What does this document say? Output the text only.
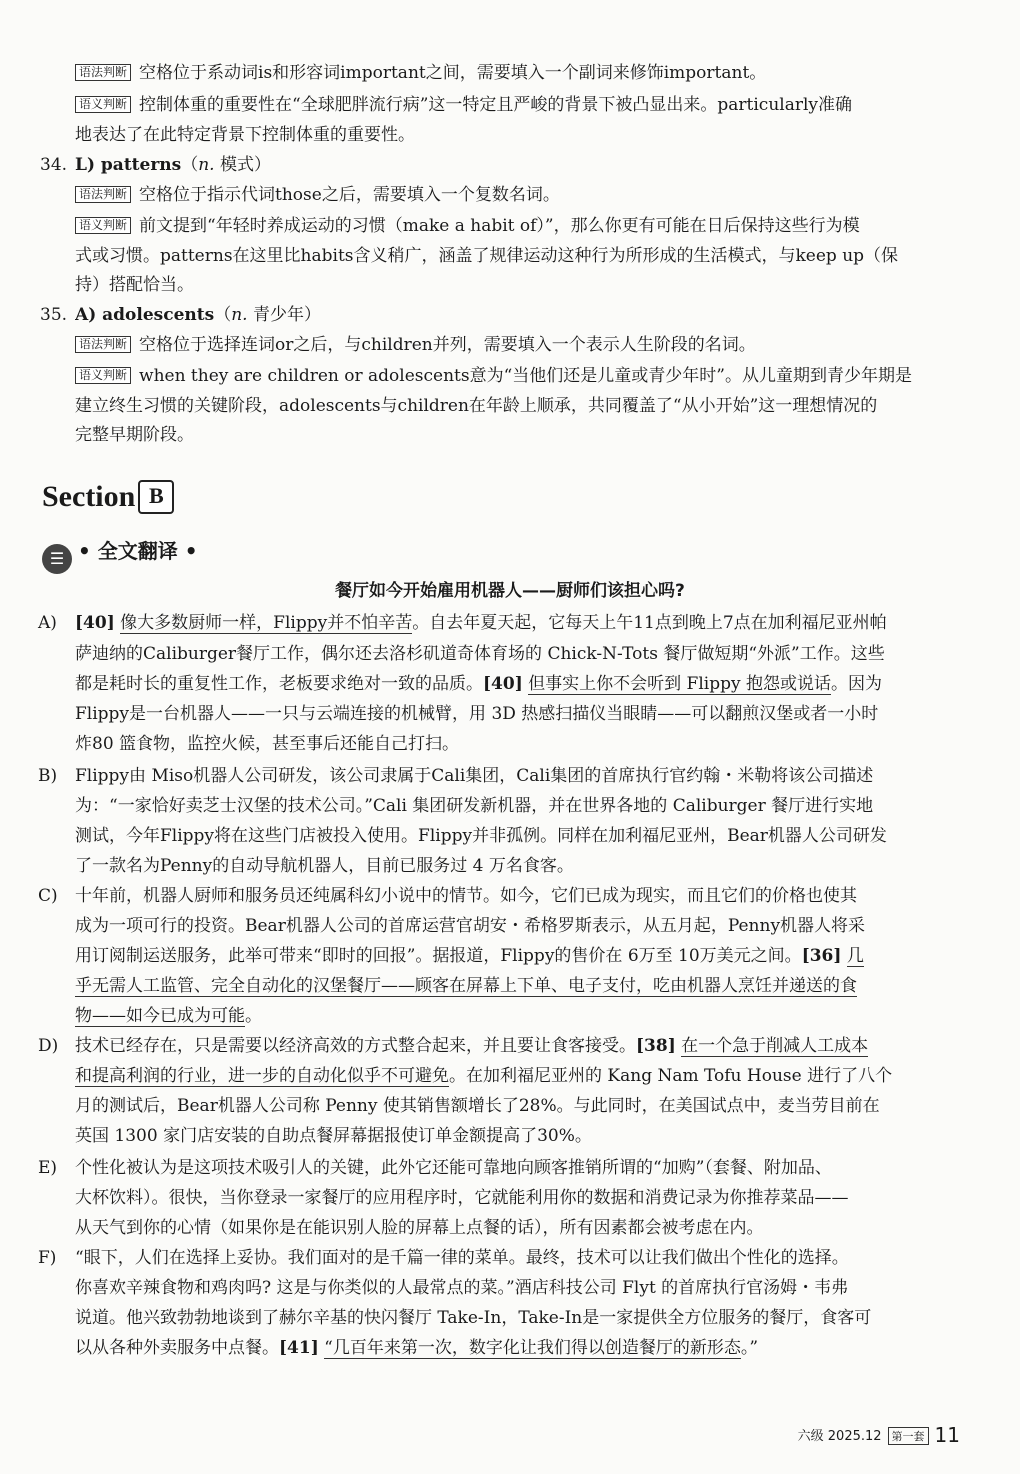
语法判断 空格位于系动词is和形容词important之间，需要填入一个副词来修饰important。
语义判断 控制体重的重要性在“全球肥胖流行病”这一特定且严峻的背景下被凸显出来。particularly准确
地表达了在此特定背景下控制体重的重要性。
34. L) patterns（n. 模式）
语法判断 空格位于指示代词those之后，需要填入一个复数名词。
语义判断 前文提到“年轻时养成运动的习惯（make a habit of）”，那么你更有可能在日后保持这些行为模
式或习惯。patterns在这里比habits含义稍广，涵盖了规律运动这种行为所形成的生活模式，与keep up（保
持）搭配恰当。
35. A) adolescents（n. 青少年）
语法判断 空格位于选择连词or之后，与children并列，需要填入一个表示人生阶段的名词。
语义判断 when they are children or adolescents意为“当他们还是儿童或青少年时”。从儿童期到青少年期是
建立终生习惯的关键阶段，adolescents与children在年龄上顺承，共同覆盖了“从小开始”这一理想情况的
完整早期阶段。
Section B
☰ • 全文翻译 •
餐厅如今开始雇用机器人——厨师们该担心吗?
A) [40] 像大多数厨师一样，Flippy并不怕辛苦。自去年夏天起，它每天上午11点到晚上7点在加利福尼亚州帕
萨迪纳的Caliburger餐厅工作，偶尔还去洛杉矶道奇体育场的 Chick-N-Tots 餐厅做短期“外派”工作。这些
都是耗时长的重复性工作，老板要求绝对一致的品质。[40] 但事实上你不会听到 Flippy 抱怨或说话。因为
Flippy是一台机器人——一只与云端连接的机械臂，用 3D 热感扫描仪当眼睛——可以翻煎汉堡或者一小时
炸80 篮食物，监控火候，甚至事后还能自己打扫。
B) Flippy由 Miso机器人公司研发，该公司隶属于Cali集团，Cali集团的首席执行官约翰・米勒将该公司描述
为：“一家恰好卖芝士汉堡的技术公司。”Cali 集团研发新机器，并在世界各地的 Caliburger 餐厅进行实地
测试，今年Flippy将在这些门店被投入使用。Flippy并非孤例。同样在加利福尼亚州，Bear机器人公司研发
了一款名为Penny的自动导航机器人，目前已服务过 4 万名食客。
C) 十年前，机器人厨师和服务员还纯属科幻小说中的情节。如今，它们已成为现实，而且它们的价格也使其
成为一项可行的投资。Bear机器人公司的首席运营官胡安・希格罗斯表示，从五月起，Penny机器人将采
用订阅制运送服务，此举可带来“即时的回报”。据报道，Flippy的售价在 6万至 10万美元之间。[36] 几
乎无需人工监管、完全自动化的汉堡餐厅——顾客在屏幕上下单、电子支付，吃由机器人烹饪并递送的食
物——如今已成为可能。
D) 技术已经存在，只是需要以经济高效的方式整合起来，并且要让食客接受。[38] 在一个急于削减人工成本
和提高利润的行业，进一步的自动化似乎不可避免。在加利福尼亚州的 Kang Nam Tofu House 进行了八个
月的测试后，Bear机器人公司称 Penny 使其销售额增长了28%。与此同时，在美国试点中，麦当劳目前在
英国 1300 家门店安装的自助点餐屏幕据报使订单金额提高了30%。
E) 个性化被认为是这项技术吸引人的关键，此外它还能可靠地向顾客推销所谓的“加购”（套餐、附加品、
大杯饮料）。很快，当你登录一家餐厅的应用程序时，它就能利用你的数据和消费记录为你推荐菜品——
从天气到你的心情（如果你是在能识别人脸的屏幕上点餐的话），所有因素都会被考虑在内。
F) “眼下，人们在选择上妥协。我们面对的是千篇一律的菜单。最终，技术可以让我们做出个性化的选择。
你喜欢辛辣食物和鸡肉吗? 这是与你类似的人最常点的菜。”酒店科技公司 Flyt 的首席执行官汤姆・韦弗
说道。他兴致勃勃地谈到了赫尔辛基的快闪餐厅 Take-In，Take-In是一家提供全方位服务的餐厅，食客可
以从各种外卖服务中点餐。[41] “几百年来第一次，数字化让我们得以创造餐厅的新形态。”
六级 2025.12 第一套 11
